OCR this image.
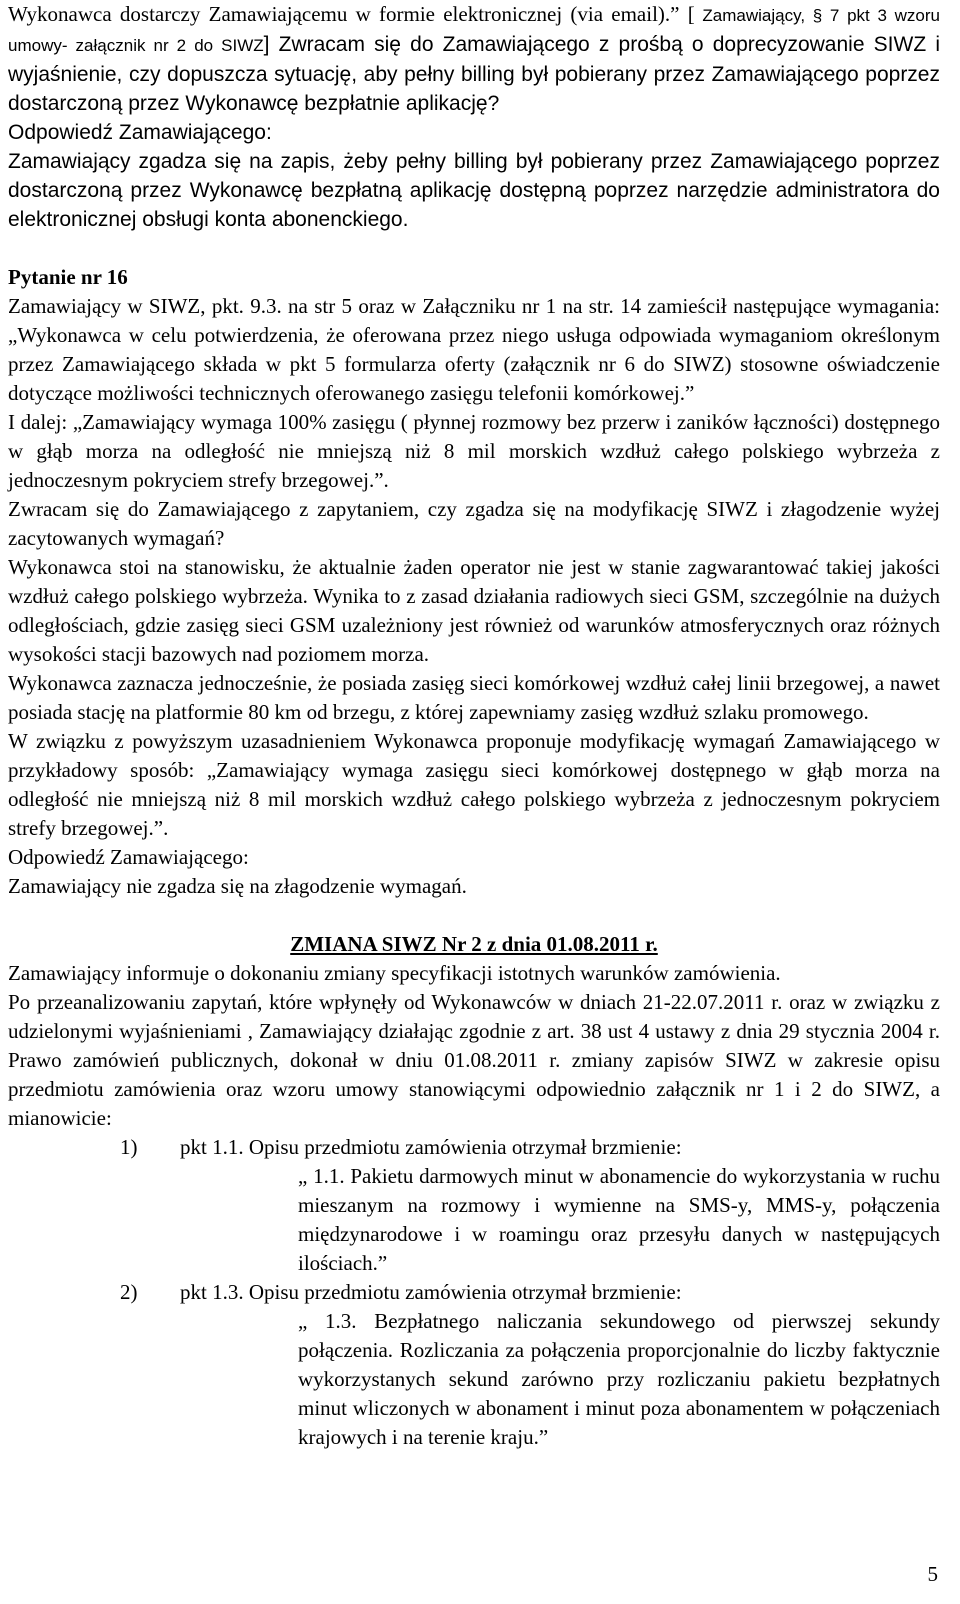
Wykonawca dostarczy Zamawiającemu w formie elektronicznej (via email).” [ Zamawiający, § 7 pkt 3 wzoru umowy- załącznik nr 2 do SIWZ] Zwracam się do Zamawiającego z prośbą o doprecyzowanie SIWZ i wyjaśnienie, czy dopuszcza sytuację, aby pełny billing był pobierany przez Zamawiającego poprzez dostarczoną przez Wykonawcę bezpłatnie aplikację?

Odpowiedź Zamawiającego:

Zamawiający zgadza się na zapis, żeby pełny billing był pobierany przez Zamawiającego poprzez dostarczoną przez Wykonawcę bezpłatną aplikację dostępną poprzez narzędzie administratora do elektronicznej obsługi konta abonenckiego.

Pytanie nr 16

Zamawiający w SIWZ, pkt. 9.3. na str 5 oraz w Załączniku nr 1 na str. 14 zamieścił następujące wymagania: „Wykonawca w celu potwierdzenia, że oferowana przez niego usługa odpowiada wymaganiom określonym przez Zamawiającego składa w pkt 5 formularza oferty (załącznik nr 6 do SIWZ) stosowne oświadczenie dotyczące możliwości technicznych oferowanego zasięgu telefonii komórkowej.”

I dalej: „Zamawiający wymaga 100% zasięgu ( płynnej rozmowy bez przerw i zaników łączności) dostępnego w głąb morza na odległość nie mniejszą niż 8 mil morskich wzdłuż całego polskiego wybrzeża z jednoczesnym pokryciem strefy brzegowej.”.

Zwracam się do Zamawiającego z zapytaniem, czy zgadza się na modyfikację SIWZ i złagodzenie wyżej zacytowanych wymagań?

Wykonawca stoi na stanowisku, że aktualnie żaden operator nie jest w stanie zagwarantować takiej jakości wzdłuż całego polskiego wybrzeża. Wynika to z zasad działania radiowych sieci GSM, szczególnie na dużych odległościach, gdzie zasięg sieci GSM uzależniony jest również od warunków atmosferycznych oraz różnych wysokości stacji bazowych nad poziomem morza.

Wykonawca zaznacza jednocześnie, że posiada zasięg sieci komórkowej wzdłuż całej linii brzegowej, a nawet posiada stację na platformie 80 km od brzegu, z której zapewniamy zasięg wzdłuż szlaku promowego.

W związku z powyższym uzasadnieniem Wykonawca proponuje modyfikację wymagań Zamawiającego w przykładowy sposób: „Zamawiający wymaga zasięgu sieci komórkowej dostępnego w głąb morza na odległość nie mniejszą niż 8 mil morskich wzdłuż całego polskiego wybrzeża z jednoczesnym pokryciem strefy brzegowej.”.

Odpowiedź Zamawiającego:

Zamawiający nie zgadza się na złagodzenie wymagań.

ZMIANA SIWZ Nr 2 z dnia 01.08.2011 r.

Zamawiający informuje o dokonaniu zmiany specyfikacji istotnych warunków zamówienia.

Po przeanalizowaniu zapytań, które wpłynęły od Wykonawców w dniach 21-22.07.2011 r. oraz w związku z udzielonymi wyjaśnieniami , Zamawiający działając zgodnie z art. 38 ust 4 ustawy z dnia 29 stycznia 2004 r. Prawo zamówień publicznych, dokonał w dniu 01.08.2011 r. zmiany zapisów SIWZ w zakresie opisu przedmiotu zamówienia oraz wzoru umowy stanowiącymi odpowiednio załącznik nr 1 i 2 do SIWZ, a mianowicie:

1)	pkt 1.1. Opisu przedmiotu zamówienia otrzymał brzmienie:

„ 1.1. Pakietu darmowych minut w abonamencie do wykorzystania w ruchu mieszanym na rozmowy i wymienne na SMS-y, MMS-y, połączenia międzynarodowe i w roamingu oraz przesyłu danych w następujących ilościach.”

2)	pkt 1.3. Opisu przedmiotu zamówienia otrzymał brzmienie:

„ 1.3. Bezpłatnego naliczania sekundowego od pierwszej sekundy połączenia. Rozliczania za połączenia proporcjonalnie do liczby faktycznie wykorzystanych sekund zarówno przy rozliczaniu pakietu bezpłatnych minut wliczonych w abonament i minut poza abonamentem w połączeniach krajowych i na terenie kraju.”

5
